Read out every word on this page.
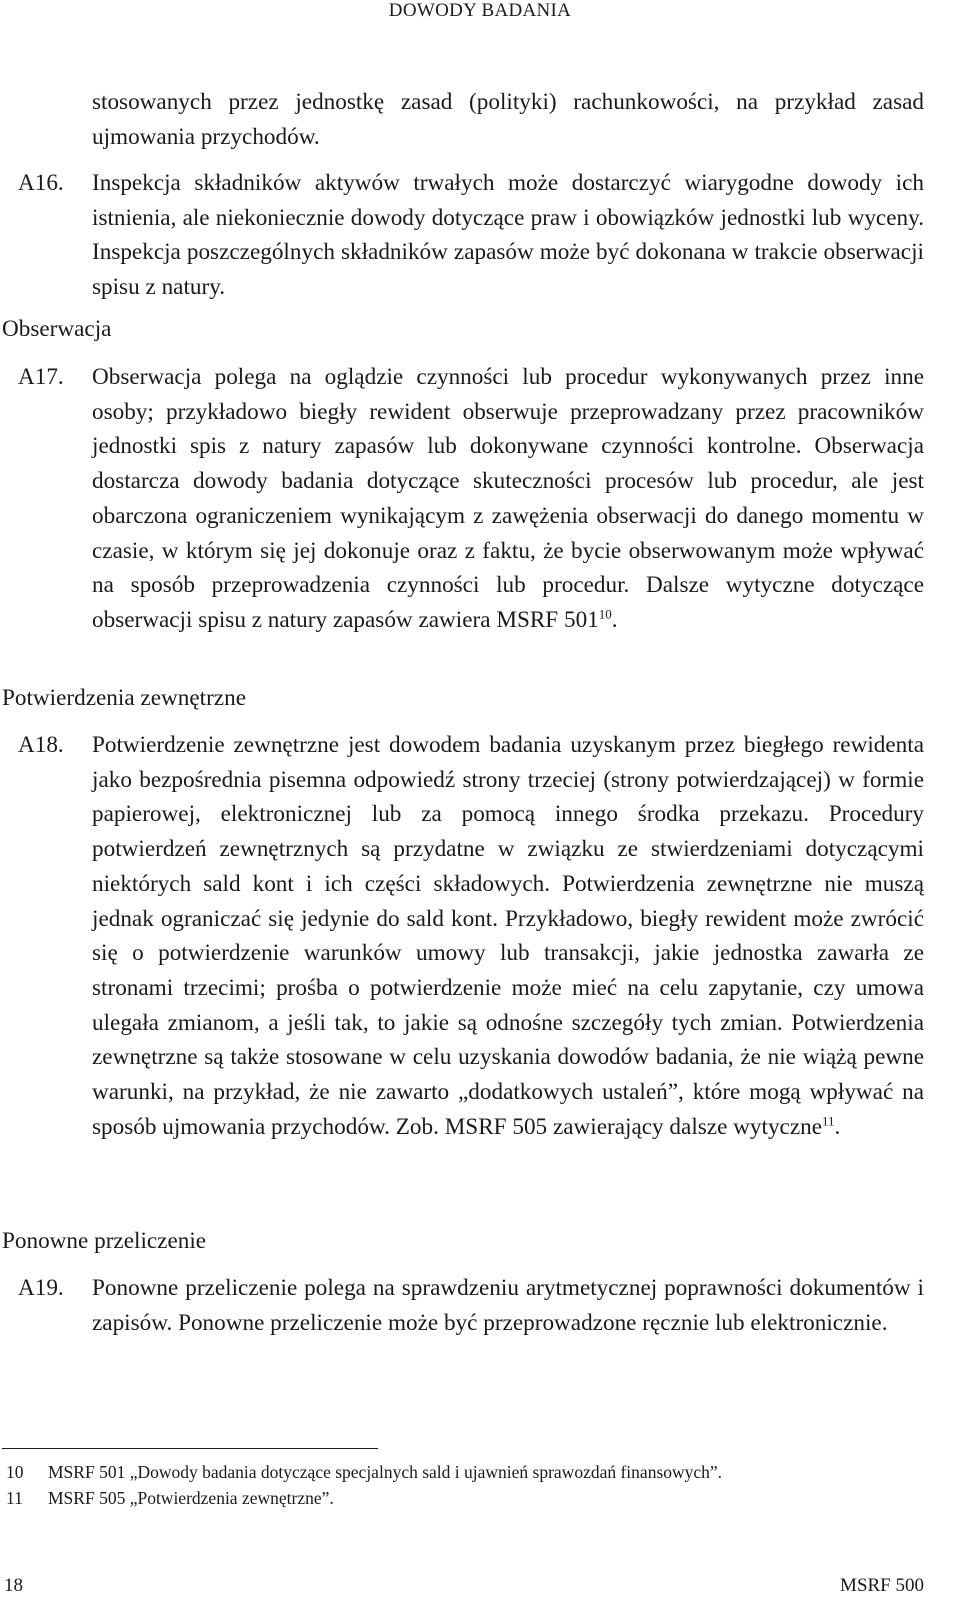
DOWODY BADANIA
stosowanych przez jednostkę zasad (polityki) rachunkowości, na przykład zasad ujmowania przychodów.
A16. Inspekcja składników aktywów trwałych może dostarczyć wiarygodne dowody ich istnienia, ale niekoniecznie dowody dotyczące praw i obowiązków jednostki lub wyceny. Inspekcja poszczególnych składników zapasów może być dokonana w trakcie obserwacji spisu z natury.
Obserwacja
A17. Obserwacja polega na oglądzie czynności lub procedur wykonywanych przez inne osoby; przykładowo biegły rewident obserwuje przeprowadzany przez pracowników jednostki spis z natury zapasów lub dokonywane czynności kontrolne. Obserwacja dostarcza dowody badania dotyczące skuteczności procesów lub procedur, ale jest obarczona ograniczeniem wynikającym z zawężenia obserwacji do danego momentu w czasie, w którym się jej dokonuje oraz z faktu, że bycie obserwowanym może wpływać na sposób przeprowadzenia czynności lub procedur. Dalsze wytyczne dotyczące obserwacji spisu z natury zapasów zawiera MSRF $501^{10}$.
Potwierdzenia zewnętrzne
A18. Potwierdzenie zewnętrzne jest dowodem badania uzyskanym przez biegłego rewidenta jako bezpośrednia pisemna odpowiedź strony trzeciej (strony potwierdzającej) w formie papierowej, elektronicznej lub za pomocą innego środka przekazu. Procedury potwierdzeń zewnętrznych są przydatne w związku ze stwierdzeniami dotyczącymi niektórych sald kont i ich części składowych. Potwierdzenia zewnętrzne nie muszą jednak ograniczać się jedynie do sald kont. Przykładowo, biegły rewident może zwrócić się o potwierdzenie warunków umowy lub transakcji, jakie jednostka zawarła ze stronami trzecimi; prośba o potwierdzenie może mieć na celu zapytanie, czy umowa ulegała zmianom, a jeśli tak, to jakie są odnośne szczegóły tych zmian. Potwierdzenia zewnętrzne są także stosowane w celu uzyskania dowodów badania, że nie wiążą pewne warunki, na przykład, że nie zawarto „dodatkowych ustaleń”, które mogą wpływać na sposób ujmowania przychodów. Zob. MSRF 505 zawierający dalsze wytyczne$^{11}$.
Ponowne przeliczenie
A19. Ponowne przeliczenie polega na sprawdzeniu arytmetycznej poprawności dokumentów i zapisów. Ponowne przeliczenie może być przeprowadzone ręcznie lub elektronicznie.
10 MSRF 501 „Dowody badania dotyczące specjalnych sald i ujawnień sprawozdań finansowych”.
11 MSRF 505 „Potwierdzenia zewnętrzne”.
18	MSRF 500
